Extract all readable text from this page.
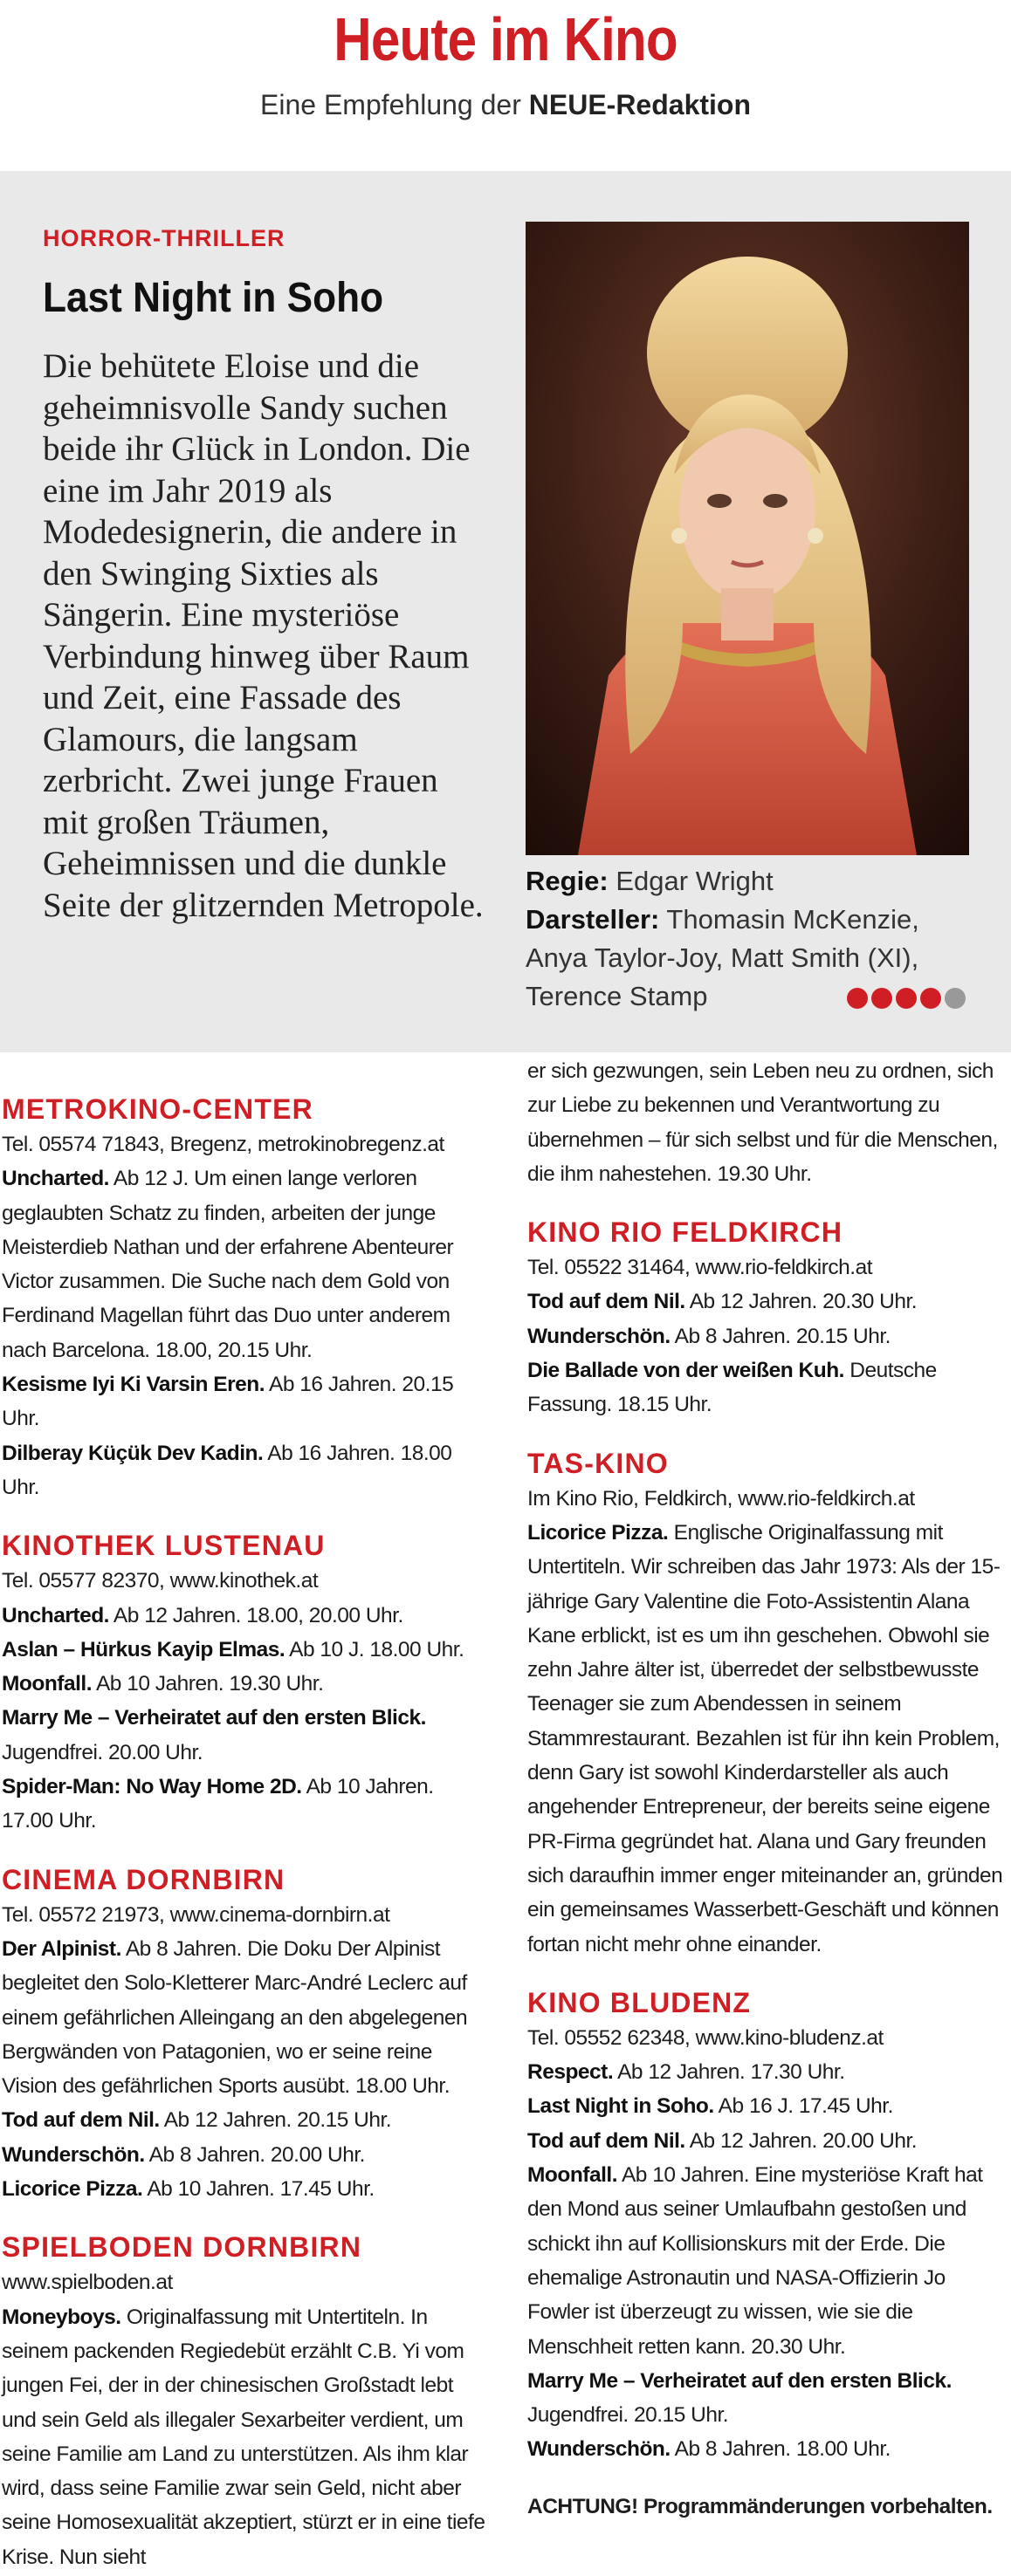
Heute im Kino
Eine Empfehlung der NEUE-Redaktion
HORROR-THRILLER
Last Night in Soho
Die behütete Eloise und die geheimnisvolle Sandy suchen beide ihr Glück in London. Die eine im Jahr 2019 als Modedesignerin, die andere in den Swinging Sixties als Sängerin. Eine mysteriöse Verbindung hinweg über Raum und Zeit, eine Fassade des Glamours, die langsam zerbricht. Zwei junge Frauen mit großen Träumen, Geheimnissen und die dunkle Seite der glitzernden Metropole.
Regie: Edgar Wright
Darsteller: Thomasin McKenzie, Anya Taylor-Joy, Matt Smith (XI), Terence Stamp

METROKINO-CENTER

Tel. 05574 71843, Bregenz, metrokinobregenz.at

Uncharted. Ab 12 J. Um einen lange verloren geglaubten Schatz zu finden, arbeiten der junge Meisterdieb Nathan und der erfahrene Abenteurer Victor zusammen. Die Suche nach dem Gold von Ferdinand Magellan führt das Duo unter anderem nach Barcelona. 18.00, 20.15 Uhr.

Kesisme Iyi Ki Varsin Eren. Ab 16 Jahren. 20.15 Uhr.

Dilberay Küçük Dev Kadin. Ab 16 Jahren. 18.00 Uhr.

KINOTHEK LUSTENAU

Tel. 05577 82370, www.kinothek.at

Uncharted. Ab 12 Jahren. 18.00, 20.00 Uhr.

Aslan – Hürkus Kayip Elmas. Ab 10 J. 18.00 Uhr.

Moonfall. Ab 10 Jahren. 19.30 Uhr.

Marry Me – Verheiratet auf den ersten Blick. Jugendfrei. 20.00 Uhr.

Spider-Man: No Way Home 2D. Ab 10 Jahren. 17.00 Uhr.

CINEMA DORNBIRN

Tel. 05572 21973, www.cinema-dornbirn.at

Der Alpinist. Ab 8 Jahren. Die Doku Der Alpinist begleitet den Solo-Kletterer Marc-André Leclerc auf einem gefährlichen Alleingang an den abgelegenen Bergwänden von Patagonien, wo er seine reine Vision des gefährlichen Sports ausübt. 18.00 Uhr.

Tod auf dem Nil. Ab 12 Jahren. 20.15 Uhr.

Wunderschön. Ab 8 Jahren. 20.00 Uhr.

Licorice Pizza. Ab 10 Jahren. 17.45 Uhr.

SPIELBODEN DORNBIRN

www.spielboden.at

Moneyboys. Originalfassung mit Untertiteln. In seinem packenden Regiedebüt erzählt C.B. Yi vom jungen Fei, der in der chinesischen Großstadt lebt und sein Geld als illegaler Sexarbeiter verdient, um seine Familie am Land zu unterstützen. Als ihm klar wird, dass seine Familie zwar sein Geld, nicht aber seine Homosexualität akzeptiert, stürzt er in eine tiefe Krise. Nun sieht

er sich gezwungen, sein Leben neu zu ordnen, sich zur Liebe zu bekennen und Verantwortung zu übernehmen – für sich selbst und für die Menschen, die ihm nahestehen. 19.30 Uhr.

KINO RIO FELDKIRCH

Tel. 05522 31464, www.rio-feldkirch.at

Tod auf dem Nil. Ab 12 Jahren. 20.30 Uhr.

Wunderschön. Ab 8 Jahren. 20.15 Uhr.

Die Ballade von der weißen Kuh. Deutsche Fassung. 18.15 Uhr.

TAS-KINO

Im Kino Rio, Feldkirch, www.rio-feldkirch.at

Licorice Pizza. Englische Originalfassung mit Untertiteln. Wir schreiben das Jahr 1973: Als der 15-jährige Gary Valentine die Foto-Assistentin Alana Kane erblickt, ist es um ihn geschehen. Obwohl sie zehn Jahre älter ist, überredet der selbstbewusste Teenager sie zum Abendessen in seinem Stammrestaurant. Bezahlen ist für ihn kein Problem, denn Gary ist sowohl Kinderdarsteller als auch angehender Entrepreneur, der bereits seine eigene PR-Firma gegründet hat. Alana und Gary freunden sich daraufhin immer enger miteinander an, gründen ein gemeinsames Wasserbett-Geschäft und können fortan nicht mehr ohne einander.

KINO BLUDENZ

Tel. 05552 62348, www.kino-bludenz.at

Respect. Ab 12 Jahren. 17.30 Uhr.

Last Night in Soho. Ab 16 J. 17.45 Uhr.

Tod auf dem Nil. Ab 12 Jahren. 20.00 Uhr.

Moonfall. Ab 10 Jahren. Eine mysteriöse Kraft hat den Mond aus seiner Umlaufbahn gestoßen und schickt ihn auf Kollisionskurs mit der Erde. Die ehemalige Astronautin und NASA-Offizierin Jo Fowler ist überzeugt zu wissen, wie sie die Menschheit retten kann. 20.30 Uhr.

Marry Me – Verheiratet auf den ersten Blick. Jugendfrei. 20.15 Uhr.

Wunderschön. Ab 8 Jahren. 18.00 Uhr.

ACHTUNG! Programmänderungen vorbehalten.
